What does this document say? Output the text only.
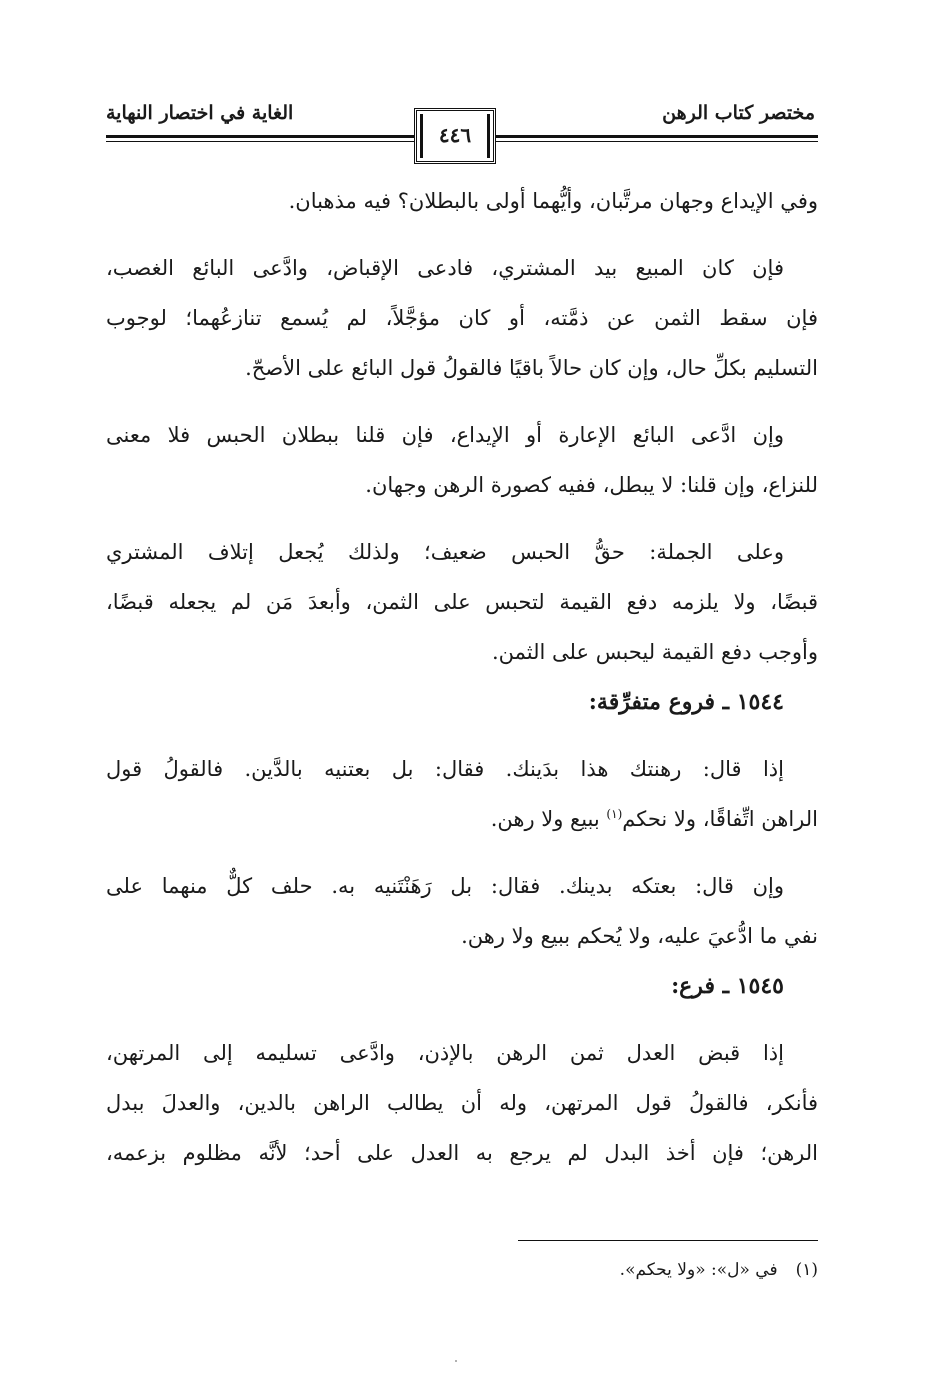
مختصر كتاب الرهن
الغاية في اختصار النهاية
٤٤٦
وفي الإيداع وجهان مرتَّبان، وأيُّهما أولى بالبطلان؟ فيه مذهبان.
فإن كان المبيع بيد المشتري، فادعى الإقباض، وادَّعى البائع الغصب،
فإن سقط الثمن عن ذمَّته، أو كان مؤجَّلاً، لم يُسمع تنازعُهما؛ لوجوب
التسليم بكلِّ حال، وإن كان حالاً باقيًا فالقولُ قول البائع على الأصحّ.
وإن ادَّعى البائع الإعارة أو الإيداع، فإن قلنا ببطلان الحبس فلا معنى
للنزاع، وإن قلنا: لا يبطل، ففيه كصورة الرهن وجهان.
وعلى الجملة: حقُّ الحبس ضعيف؛ ولذلك يُجعل إتلاف المشتري
قبضًا، ولا يلزمه دفع القيمة لتحبس على الثمن، وأبعدَ مَن لم يجعله قبضًا،
وأوجب دفع القيمة ليحبس على الثمن.
١٥٤٤ ـ فروع متفرِّقة:
إذا قال: رهنتك هذا بدَينك. فقال: بل بعتنيه بالدَّين. فالقولُ قول
الراهن اتِّفاقًا، ولا نحكم$^{(١)}$ ببيع ولا رهن.
وإن قال: بعتكه بدينك. فقال: بل رَهَنْتَنيه به. حلف كلٌّ منهما على
نفي ما ادُّعيَ عليه، ولا يُحكم ببيع ولا رهن.
١٥٤٥ ـ فرع:
إذا قبض العدل ثمن الرهن بالإذن، وادَّعى تسليمه إلى المرتهن،
فأنكر، فالقولُ قول المرتهن، وله أن يطالب الراهن بالدين، والعدلَ ببدل
الرهن؛ فإن أخذ البدل لم يرجع به العدل على أحد؛ لأنَّه مظلوم بزعمه،
(١)في «ل»: «ولا يحكم».
